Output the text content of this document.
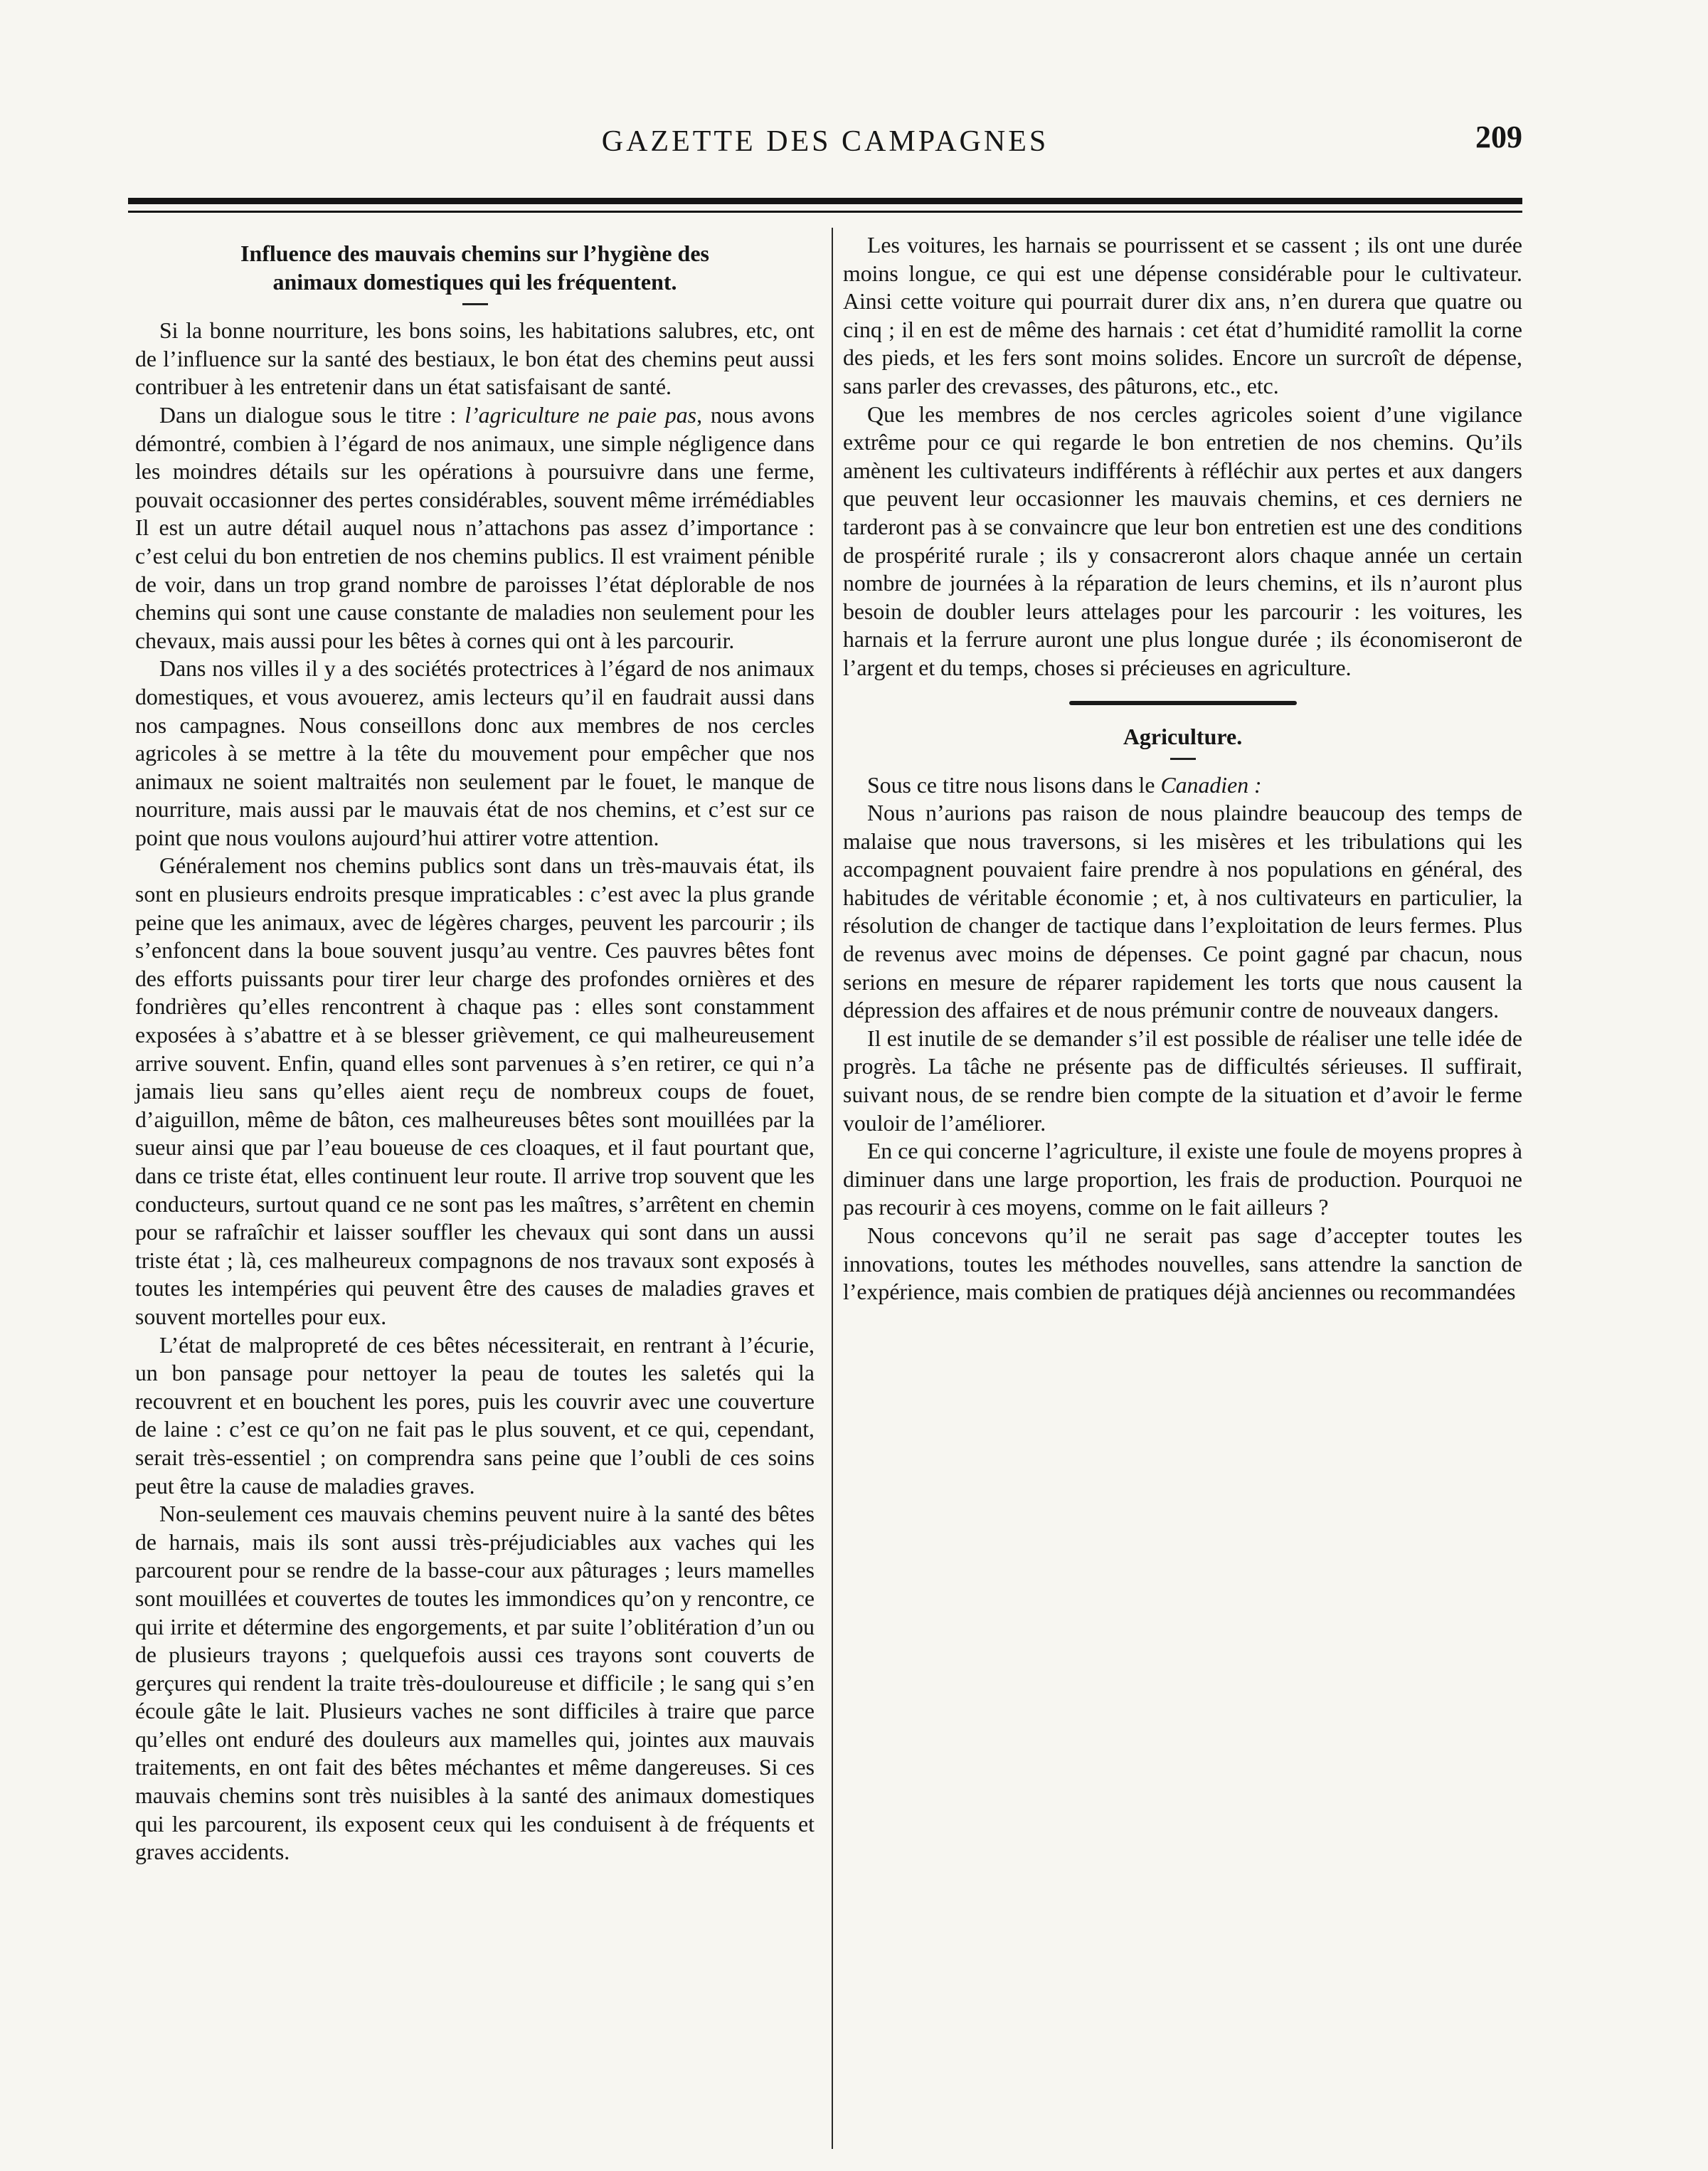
GAZETTE DES CAMPAGNES	209
Influence des mauvais chemins sur l’hygiène des
animaux domestiques qui les fréquentent.

Si la bonne nourriture, les bons soins, les habitations salubres, etc, ont de l’influence sur la santé des bestiaux, le bon état des chemins peut aussi contribuer à les entretenir dans un état satisfaisant de santé.

Dans un dialogue sous le titre : l’agriculture ne paie pas, nous avons démontré, combien à l’égard de nos animaux, une simple négligence dans les moindres détails sur les opérations à poursuivre dans une ferme, pouvait occasionner des pertes considérables, souvent même irrémédiables Il est un autre détail auquel nous n’attachons pas assez d’importance : c’est celui du bon entretien de nos chemins publics. Il est vraiment pénible de voir, dans un trop grand nombre de paroisses l’état déplorable de nos chemins qui sont une cause constante de maladies non seulement pour les chevaux, mais aussi pour les bêtes à cornes qui ont à les parcourir.

Dans nos villes il y a des sociétés protectrices à l’égard de nos animaux domestiques, et vous avouerez, amis lecteurs qu’il en faudrait aussi dans nos campagnes. Nous conseillons donc aux membres de nos cercles agricoles à se mettre à la tête du mouvement pour empêcher que nos animaux ne soient maltraités non seulement par le fouet, le manque de nourriture, mais aussi par le mauvais état de nos chemins, et c’est sur ce point que nous voulons aujourd’hui attirer votre attention.

Généralement nos chemins publics sont dans un très-mauvais état, ils sont en plusieurs endroits presque impraticables : c’est avec la plus grande peine que les animaux, avec de légères charges, peuvent les parcourir ; ils s’enfoncent dans la boue souvent jusqu’au ventre. Ces pauvres bêtes font des efforts puissants pour tirer leur charge des profondes ornières et des fondrières qu’elles rencontrent à chaque pas : elles sont constamment exposées à s’abattre et à se blesser grièvement, ce qui malheureusement arrive souvent. Enfin, quand elles sont parvenues à s’en retirer, ce qui n’a jamais lieu sans qu’elles aient reçu de nombreux coups de fouet, d’aiguillon, même de bâton, ces malheureuses bêtes sont mouillées par la sueur ainsi que par l’eau boueuse de ces cloaques, et il faut pourtant que, dans ce triste état, elles continuent leur route. Il arrive trop souvent que les conducteurs, surtout quand ce ne sont pas les maîtres, s’arrêtent en chemin pour se rafraîchir et laisser souffler les chevaux qui sont dans un aussi triste état ; là, ces malheureux compagnons de nos travaux sont exposés à toutes les intempéries qui peuvent être des causes de maladies graves et souvent mortelles pour eux.

L’état de malpropreté de ces bêtes nécessiterait, en rentrant à l’écurie, un bon pansage pour nettoyer la peau de toutes les saletés qui la recouvrent et en bouchent les pores, puis les couvrir avec une couverture de laine : c’est ce qu’on ne fait pas le plus souvent, et ce qui, cependant, serait très-essentiel ; on comprendra sans peine que l’oubli de ces soins peut être la cause de maladies graves.

Non-seulement ces mauvais chemins peuvent nuire à la santé des bêtes de harnais, mais ils sont aussi très-préjudiciables aux vaches qui les parcourent pour se rendre de la basse-cour aux pâturages ; leurs mamelles sont mouillées et couvertes de toutes les immondices qu’on y rencontre, ce qui irrite et détermine des engorgements, et par suite l’oblitération d’un ou de plusieurs trayons ; quelquefois aussi ces trayons sont couverts de gerçures qui rendent la traite très-douloureuse et difficile ; le sang qui s’en écoule gâte le lait. Plusieurs vaches ne sont difficiles à traire que parce qu’elles ont enduré des douleurs aux mamelles qui, jointes aux mauvais traitements, en ont fait des bêtes méchantes et même dangereuses. Si ces mauvais chemins sont très nuisibles à la santé des animaux domestiques qui les parcourent, ils exposent ceux qui les conduisent à de fréquents et graves accidents.

Les voitures, les harnais se pourrissent et se cassent ; ils ont une durée moins longue, ce qui est une dépense considérable pour le cultivateur. Ainsi cette voiture qui pourrait durer dix ans, n’en durera que quatre ou cinq ; il en est de même des harnais : cet état d’humidité ramollit la corne des pieds, et les fers sont moins solides. Encore un surcroît de dépense, sans parler des crevasses, des pâturons, etc., etc.

Que les membres de nos cercles agricoles soient d’une vigilance extrême pour ce qui regarde le bon entretien de nos chemins. Qu’ils amènent les cultivateurs indifférents à réfléchir aux pertes et aux dangers que peuvent leur occasionner les mauvais chemins, et ces derniers ne tarderont pas à se convaincre que leur bon entretien est une des conditions de prospérité rurale ; ils y consacreront alors chaque année un certain nombre de journées à la réparation de leurs chemins, et ils n’auront plus besoin de doubler leurs attelages pour les parcourir : les voitures, les harnais et la ferrure auront une plus longue durée ; ils économiseront de l’argent et du temps, choses si précieuses en agriculture.

Agriculture.

Sous ce titre nous lisons dans le Canadien :

Nous n’aurions pas raison de nous plaindre beaucoup des temps de malaise que nous traversons, si les misères et les tribulations qui les accompagnent pouvaient faire prendre à nos populations en général, des habitudes de véritable économie ; et, à nos cultivateurs en particulier, la résolution de changer de tactique dans l’exploitation de leurs fermes. Plus de revenus avec moins de dépenses. Ce point gagné par chacun, nous serions en mesure de réparer rapidement les torts que nous causent la dépression des affaires et de nous prémunir contre de nouveaux dangers.

Il est inutile de se demander s’il est possible de réaliser une telle idée de progrès. La tâche ne présente pas de difficultés sérieuses. Il suffirait, suivant nous, de se rendre bien compte de la situation et d’avoir le ferme vouloir de l’améliorer.

En ce qui concerne l’agriculture, il existe une foule de moyens propres à diminuer dans une large proportion, les frais de production. Pourquoi ne pas recourir à ces moyens, comme on le fait ailleurs ?

Nous concevons qu’il ne serait pas sage d’accepter toutes les innovations, toutes les méthodes nouvelles, sans attendre la sanction de l’expérience, mais combien de pratiques déjà anciennes ou recommandées
